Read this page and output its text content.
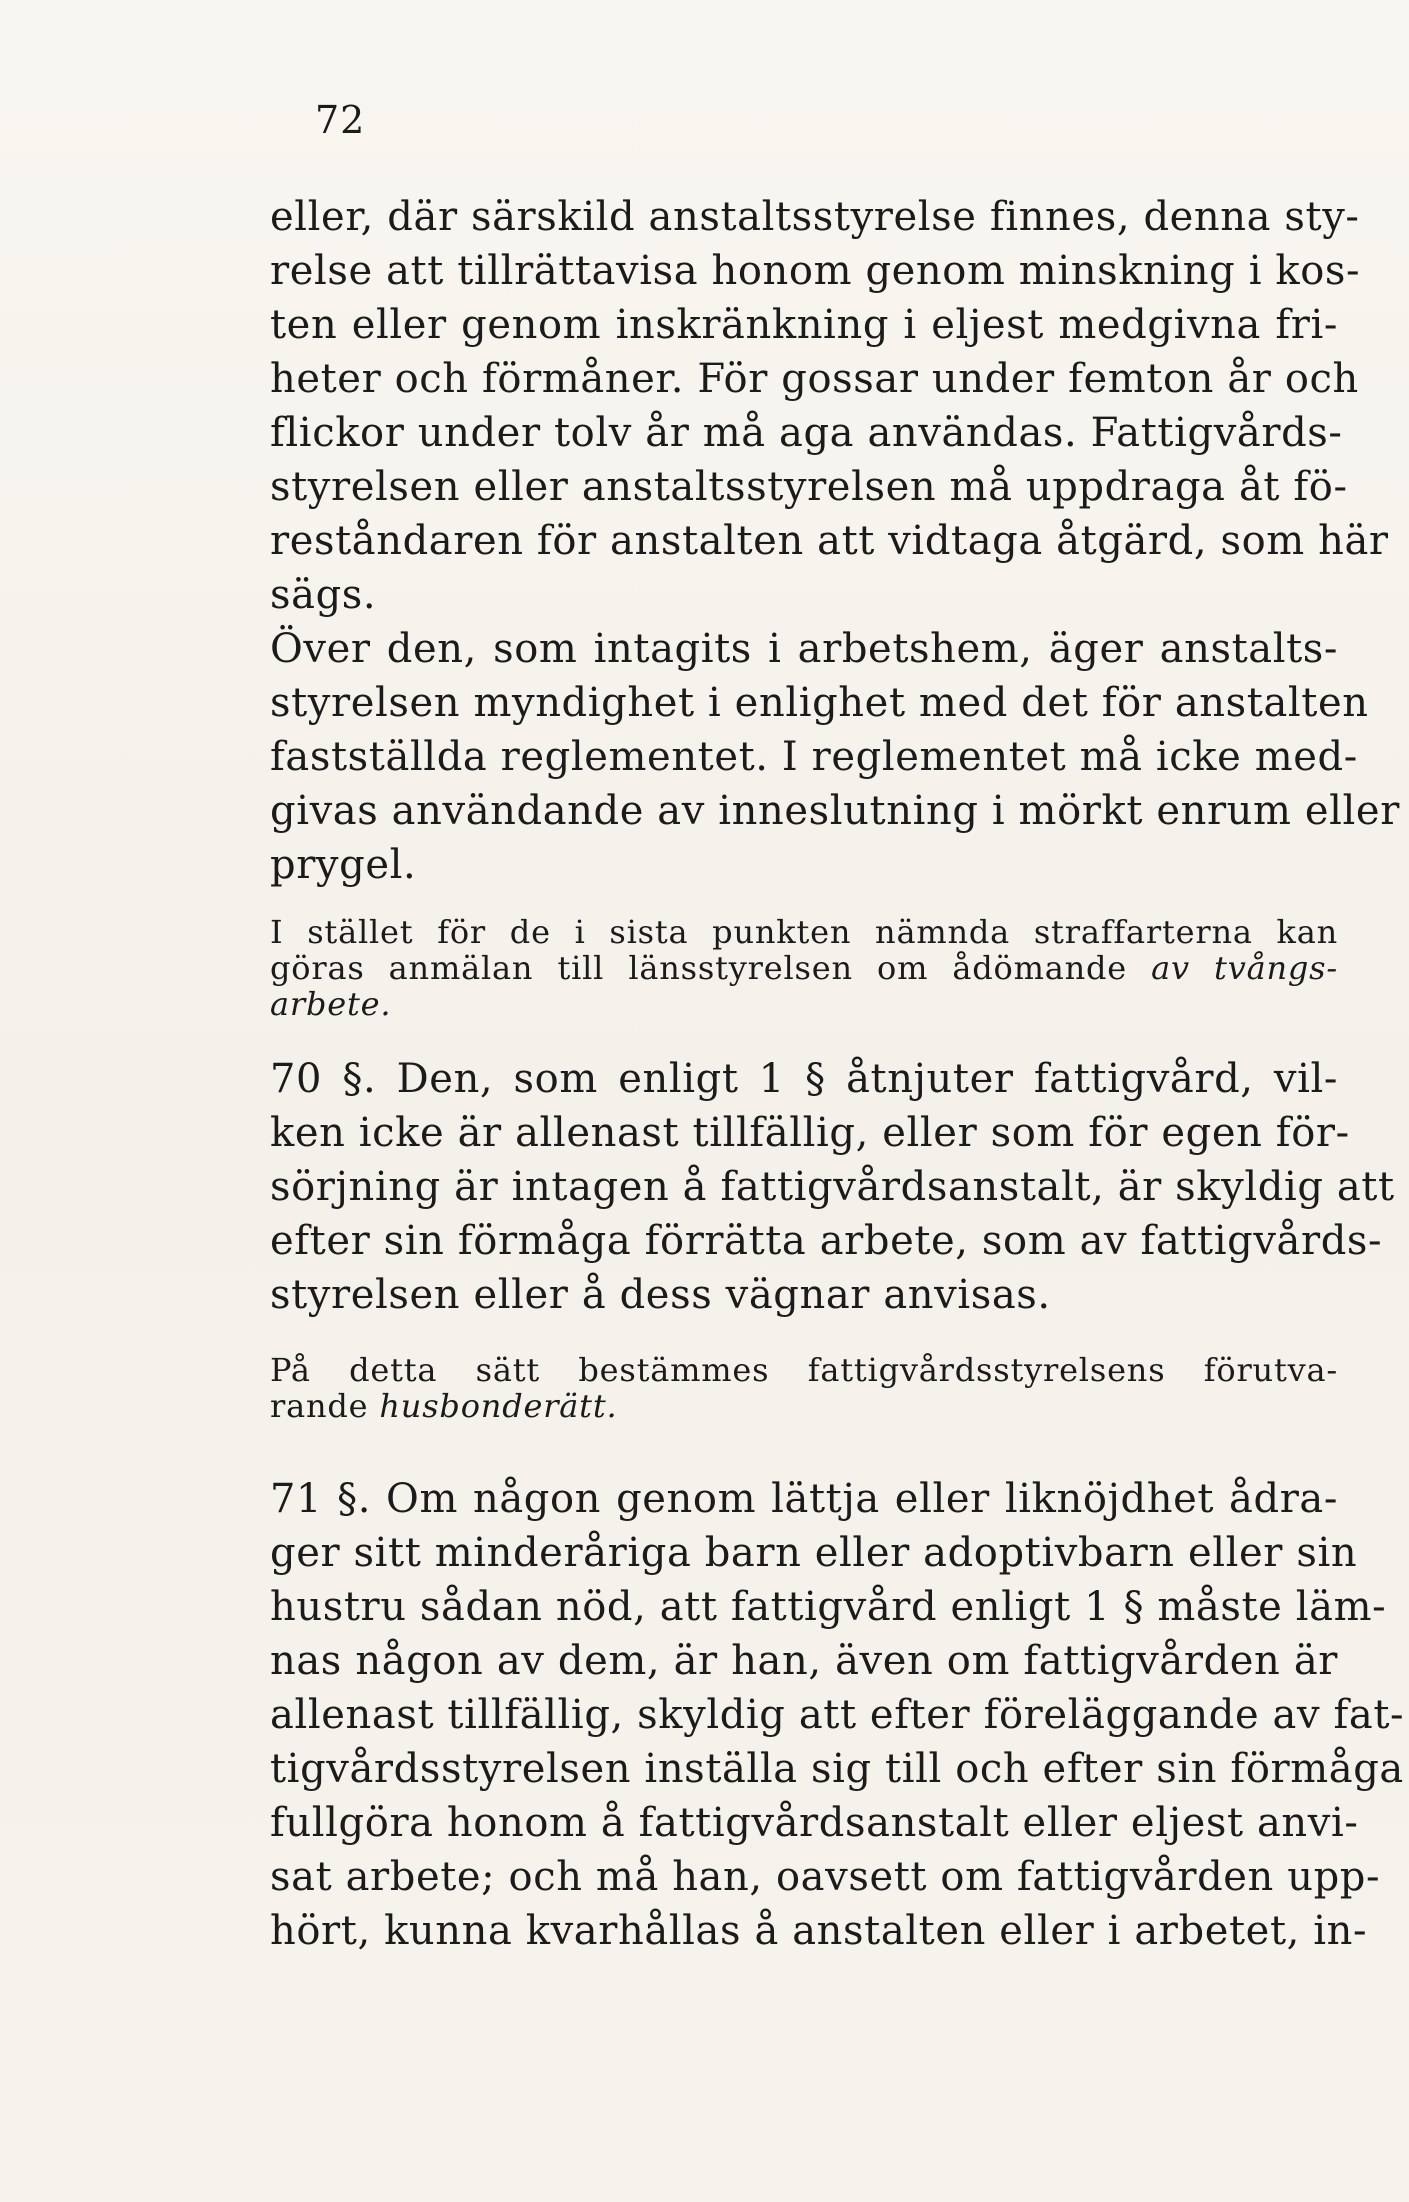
72
eller, där särskild anstaltsstyrelse finnes, denna sty-
relse att tillrättavisa honom genom minskning i kos-
ten eller genom inskränkning i eljest medgivna fri-
heter och förmåner. För gossar under femton år och
flickor under tolv år må aga användas. Fattigvårds-
styrelsen eller anstaltsstyrelsen må uppdraga åt fö-
reståndaren för anstalten att vidtaga åtgärd, som här
sägs.
Över den, som intagits i arbetshem, äger anstalts-
styrelsen myndighet i enlighet med det för anstalten
fastställda reglementet. I reglementet må icke med-
givas användande av inneslutning i mörkt enrum eller
prygel.
I stället för de i sista punkten nämnda straffarterna kan
göras anmälan till länsstyrelsen om ådömande av tvångs-
arbete.
70 §. Den, som enligt 1 § åtnjuter fattigvård, vil-
ken icke är allenast tillfällig, eller som för egen för-
sörjning är intagen å fattigvårdsanstalt, är skyldig att
efter sin förmåga förrätta arbete, som av fattigvårds-
styrelsen eller å dess vägnar anvisas.
På detta sätt bestämmes fattigvårdsstyrelsens förutva-
rande husbonderätt.
71 §. Om någon genom lättja eller liknöjdhet ådra-
ger sitt minderåriga barn eller adoptivbarn eller sin
hustru sådan nöd, att fattigvård enligt 1 § måste läm-
nas någon av dem, är han, även om fattigvården är
allenast tillfällig, skyldig att efter föreläggande av fat-
tigvårdsstyrelsen inställa sig till och efter sin förmåga
fullgöra honom å fattigvårdsanstalt eller eljest anvi-
sat arbete; och må han, oavsett om fattigvården upp-
hört, kunna kvarhållas å anstalten eller i arbetet, in-
